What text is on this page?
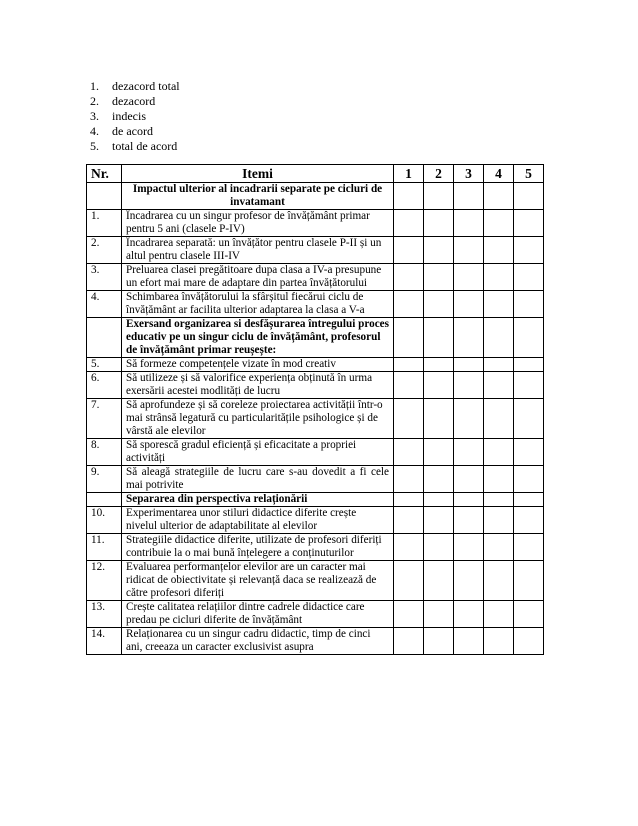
1. dezacord total
2. dezacord
3. indecis
4. de acord
5. total de acord
Nr.	Itemi	1	2	3	4	5
	Impactul ulterior al incadrarii separate pe cicluri de invatamant					
1.	Încadrarea cu un singur profesor de învățământ primar pentru 5 ani (clasele P-IV)					
2.	Încadrarea separată: un învățător pentru clasele P-II și un altul pentru clasele III-IV					
3.	Preluarea clasei pregătitoare dupa clasa a IV-a presupune un efort mai mare de adaptare din partea învățătorului					
4.	Schimbarea învățătorului la sfârșitul fiecărui ciclu de învățământ ar facilita ulterior adaptarea la clasa a V-a					
	Exersand organizarea si desfășurarea întregului proces educativ pe un singur ciclu de învățământ, profesorul de învățământ primar reușește:					
5.	Să formeze competențele vizate în mod creativ					
6.	Să utilizeze și să valorifice experiența obținută în urma exersării acestei modlități de lucru					
7.	Să aprofundeze și să coreleze proiectarea activității într-o mai strânsă legatură cu particularitățile psihologice și de vârstă ale elevilor					
8.	Să sporescă gradul eficiență și eficacitate a propriei activități					
9.	Să aleagă strategiile de lucru care s-au dovedit a fi cele mai potrivite					
	Separarea din perspectiva relaționării					
10.	Experimentarea unor stiluri didactice diferite crește nivelul ulterior de adaptabilitate al elevilor					
11.	Strategiile didactice diferite, utilizate de profesori diferiți contribuie la o mai bună înțelegere a conținuturilor					
12.	Evaluarea performanțelor elevilor are un caracter mai ridicat de obiectivitate și relevanță daca se realizează de către profesori diferiți					
13.	Crește calitatea relațiilor dintre cadrele didactice care predau pe cicluri diferite de învățământ					
14.	Relaționarea cu un singur cadru didactic, timp de cinci ani, creeaza un caracter exclusivist asupra					
